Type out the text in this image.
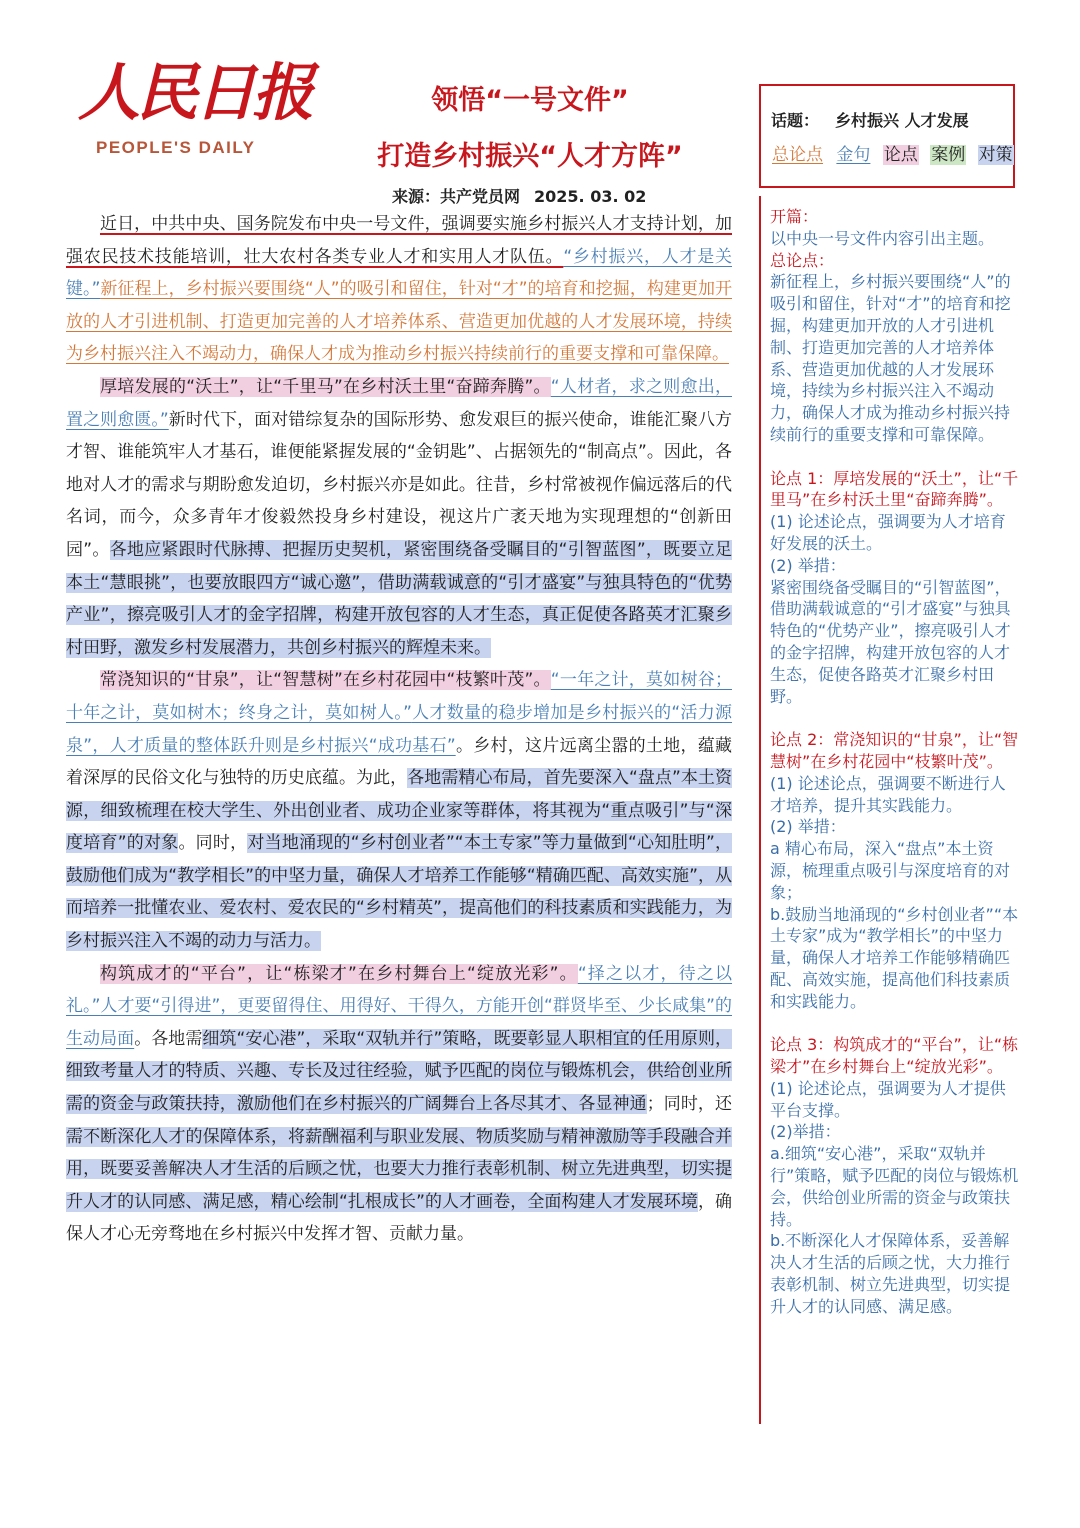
人民日报
PEOPLE'S DAILY
领悟“一号文件”
打造乡村振兴“人才方阵”
来源：共产党员网 2025. 03. 02

近日，中共中央、国务院发布中央一号文件，强调要实施乡村振兴人才支持计划，加强农民技术技能培训，壮大农村各类专业人才和实用人才队伍。“乡村振兴，人才是关键。”新征程上，乡村振兴要围绕“人”的吸引和留住，针对“才”的培育和挖掘，构建更加开放的人才引进机制、打造更加完善的人才培养体系、营造更加优越的人才发展环境，持续为乡村振兴注入不竭动力，确保人才成为推动乡村振兴持续前行的重要支撑和可靠保障。

厚培发展的“沃土”，让“千里马”在乡村沃土里“奋蹄奔腾”。“人材者，求之则愈出，置之则愈匮。”新时代下，面对错综复杂的国际形势、愈发艰巨的振兴使命，谁能汇聚八方才智、谁能筑牢人才基石，谁便能紧握发展的“金钥匙”、占据领先的“制高点”。因此，各地对人才的需求与期盼愈发迫切，乡村振兴亦是如此。往昔，乡村常被视作偏远落后的代名词，而今，众多青年才俊毅然投身乡村建设，视这片广袤天地为实现理想的“创新田园”。各地应紧跟时代脉搏、把握历史契机，紧密围绕备受瞩目的“引智蓝图”，既要立足本土“慧眼挑”，也要放眼四方“诚心邀”，借助满载诚意的“引才盛宴”与独具特色的“优势产业”，擦亮吸引人才的金字招牌，构建开放包容的人才生态，真正促使各路英才汇聚乡村田野，激发乡村发展潜力，共创乡村振兴的辉煌未来。

常浇知识的“甘泉”，让“智慧树”在乡村花园中“枝繁叶茂”。“一年之计，莫如树谷；十年之计，莫如树木；终身之计，莫如树人。”人才数量的稳步增加是乡村振兴的“活力源泉”，人才质量的整体跃升则是乡村振兴“成功基石”。乡村，这片远离尘嚣的土地，蕴藏着深厚的民俗文化与独特的历史底蕴。为此，各地需精心布局，首先要深入“盘点”本土资源，细致梳理在校大学生、外出创业者、成功企业家等群体，将其视为“重点吸引”与“深度培育”的对象。同时，对当地涌现的“乡村创业者”“本土专家”等力量做到“心知肚明”，鼓励他们成为“教学相长”的中坚力量，确保人才培养工作能够“精确匹配、高效实施”，从而培养一批懂农业、爱农村、爱农民的“乡村精英”，提高他们的科技素质和实践能力，为乡村振兴注入不竭的动力与活力。

构筑成才的“平台”，让“栋梁才”在乡村舞台上“绽放光彩”。“择之以才，待之以礼。”人才要“引得进”，更要留得住、用得好、干得久，方能开创“群贤毕至、少长咸集”的生动局面。各地需细筑“安心港”，采取“双轨并行”策略，既要彰显人职相宜的任用原则，细致考量人才的特质、兴趣、专长及过往经验，赋予匹配的岗位与锻炼机会，供给创业所需的资金与政策扶持，激励他们在乡村振兴的广阔舞台上各尽其才、各显神通；同时，还需不断深化人才的保障体系，将薪酬福利与职业发展、物质奖励与精神激励等手段融合并用，既要妥善解决人才生活的后顾之忧，也要大力推行表彰机制、树立先进典型，切实提升人才的认同感、满足感，精心绘制“扎根成长”的人才画卷，全面构建人才发展环境，确保人才心无旁骛地在乡村振兴中发挥才智、贡献力量。

话题： 乡村振兴 人才发展
总论点 金句 论点 案例 对策

开篇：

以中央一号文件内容引出主题。

总论点：

新征程上，乡村振兴要围绕“人”的吸引和留住，针对“才”的培育和挖掘，构建更加开放的人才引进机制、打造更加完善的人才培养体系、营造更加优越的人才发展环境，持续为乡村振兴注入不竭动力，确保人才成为推动乡村振兴持续前行的重要支撑和可靠保障。

论点 1：厚培发展的“沃土”，让“千里马”在乡村沃土里“奋蹄奔腾”。

(1) 论述论点，强调要为人才培育好发展的沃土。

(2) 举措：

紧密围绕备受瞩目的“引智蓝图”，借助满载诚意的“引才盛宴”与独具特色的“优势产业”，擦亮吸引人才的金字招牌，构建开放包容的人才生态，促使各路英才汇聚乡村田野。

论点 2：常浇知识的“甘泉”，让“智慧树”在乡村花园中“枝繁叶茂”。

(1) 论述论点，强调要不断进行人才培养，提升其实践能力。

(2) 举措：

a 精心布局，深入“盘点”本土资源，梳理重点吸引与深度培育的对象；

b.鼓励当地涌现的“乡村创业者”“本土专家”成为“教学相长”的中坚力量，确保人才培养工作能够精确匹配、高效实施，提高他们科技素质和实践能力。

论点 3：构筑成才的“平台”，让“栋梁才”在乡村舞台上“绽放光彩”。

(1) 论述论点，强调要为人才提供平台支撑。

(2)举措：

a.细筑“安心港”，采取“双轨并行”策略，赋予匹配的岗位与锻炼机会，供给创业所需的资金与政策扶持。

b.不断深化人才保障体系，妥善解决人才生活的后顾之忧，大力推行表彰机制、树立先进典型，切实提升人才的认同感、满足感。
